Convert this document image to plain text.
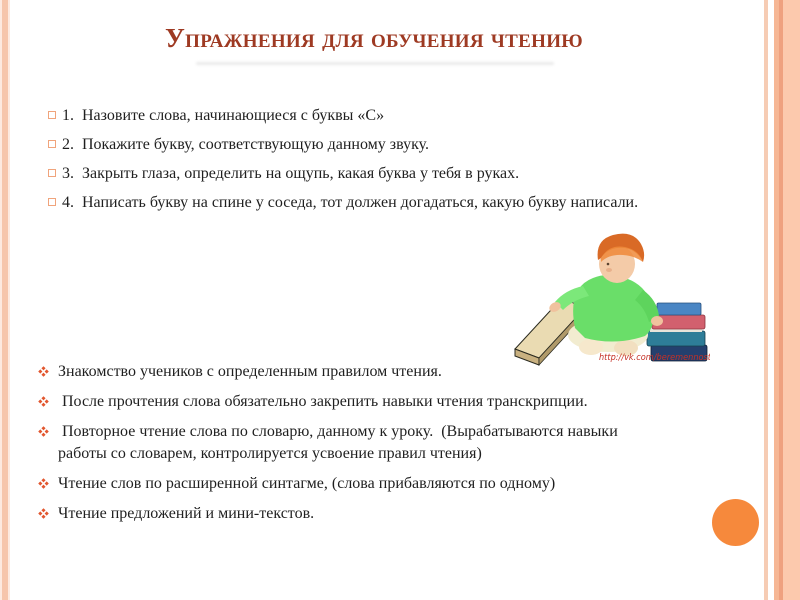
Упражнения для обучения чтению
1.  Назовите слова, начинающиеся с буквы «С»
2.  Покажите букву, соответствующую данному звуку.
3.  Закрыть глаза, определить на ощупь, какая буква у тебя в руках.
4.  Написать букву на спине у соседа, тот должен догадаться, какую букву написали.
http://vk.com/beremennost
Знакомство учеников с определенным правилом чтения.
После прочтения слова обязательно закрепить навыки чтения транскрипции.
Повторное чтение слова по словарю, данному к уроку.  (Вырабатываются навыки работы со словарем, контролируется усвоение правил чтения)
Чтение слов по расширенной синтагме, (слова прибавляются по одному)
Чтение предложений и мини-текстов.
